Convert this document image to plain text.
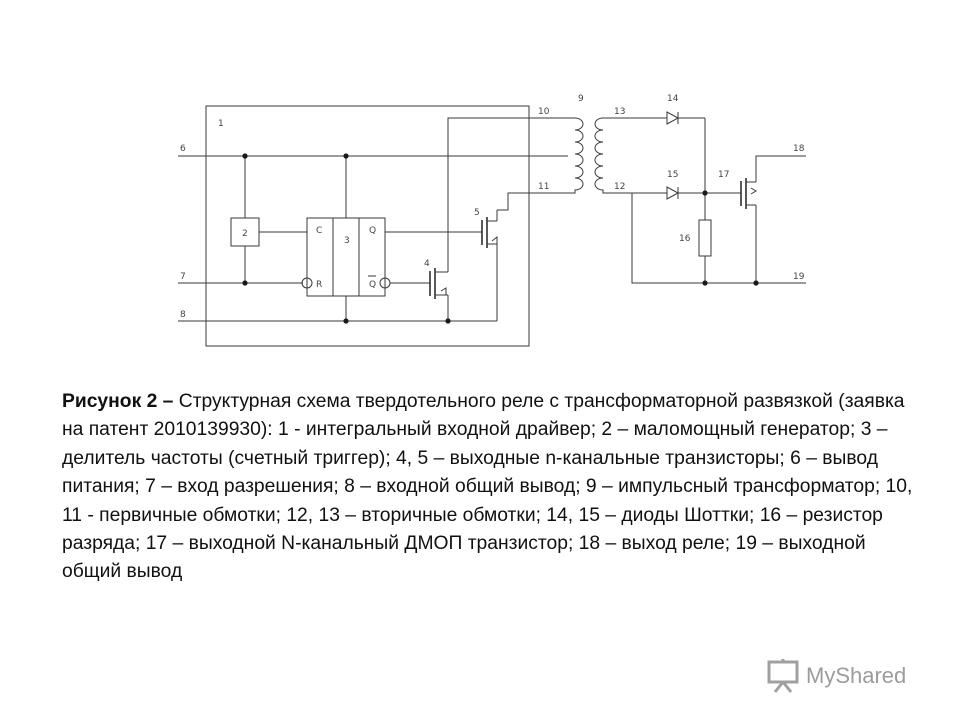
1
6
7
8
2	C
R
3
Q
Q
5
4
10
11
9
13
12
14
15
16
17
18
19
Рисунок 2 – Структурная схема твердотельного реле с трансформаторной развязкой (заявка на патент 2010139930): 1 - интегральный входной драйвер; 2 – маломощный генератор; 3 – делитель частоты (счетный триггер); 4, 5 – выходные n-канальные транзисторы; 6 – вывод питания; 7 – вход разрешения; 8 – входной общий вывод; 9 – импульсный трансформатор; 10, 11 - первичные обмотки; 12, 13 – вторичные обмотки; 14, 15 – диоды Шоттки; 16 – резистор разряда; 17 – выходной N-канальный ДМОП транзистор; 18 – выход реле; 19 – выходной общий вывод
MyShared
